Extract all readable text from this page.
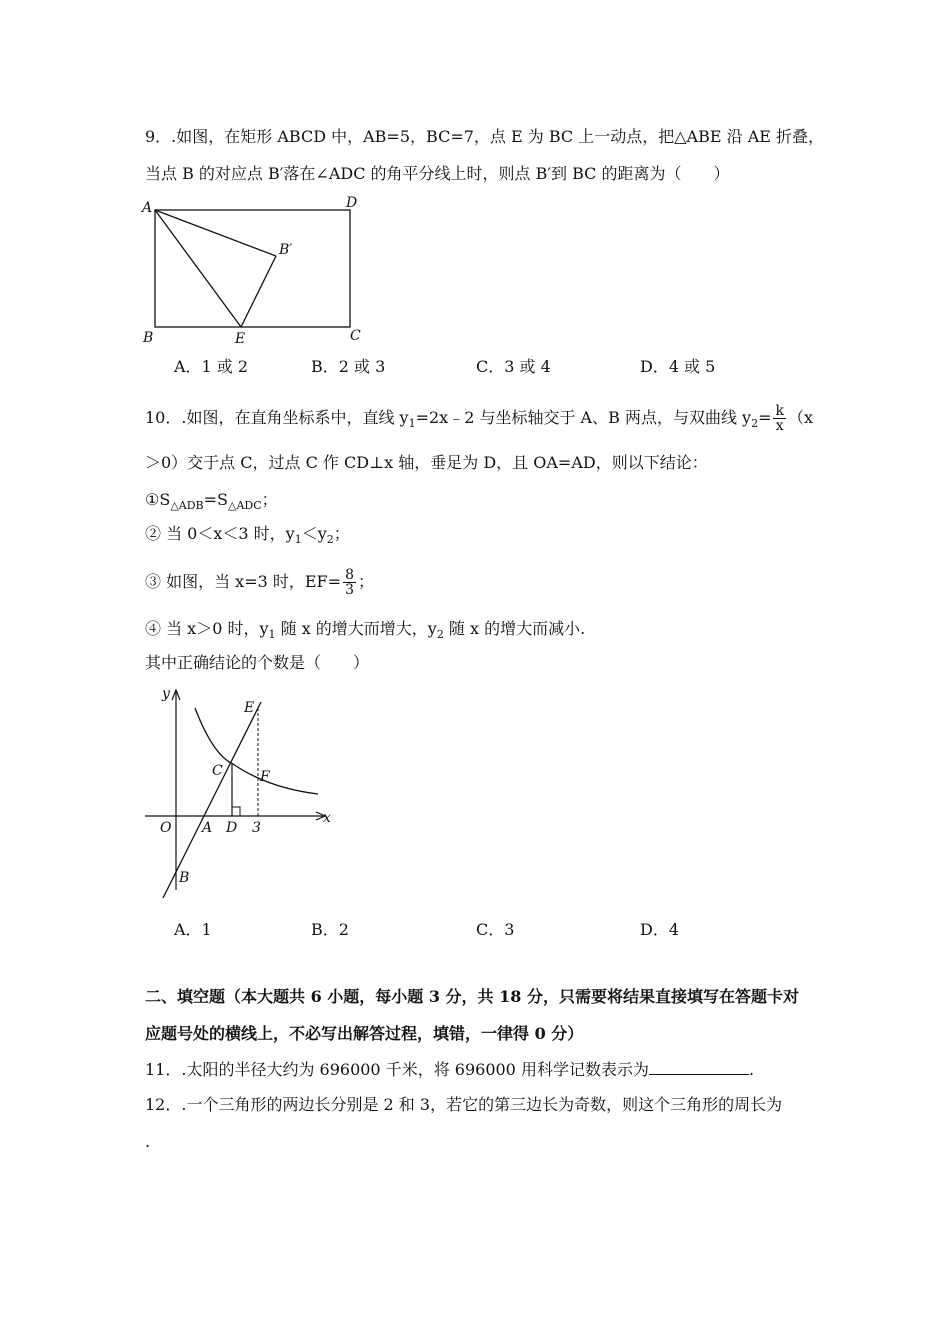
9．.如图，在矩形 ABCD 中，AB=5，BC=7，点 E 为 BC 上一动点，把△ABE 沿 AE 折叠，
当点 B 的对应点 B′落在∠ADC 的角平分线上时，则点 B′到 BC 的距离为（　　）
A	D
B′
B	E	C
A．1 或 2	B．2 或 3	C．3 或 4	D．4 或 5
10．.如图，在直角坐标系中，直线 $y_1=2x﹣2$ 与坐标轴交于 A、B 两点，与双曲线 $y_2= \frac{k}{x} (x$
＞0）交于点 C，过点 C 作 CD⊥x 轴，垂足为 D，且 OA=AD，则以下结论：
$①S_{\triangle ADB}=S_{\triangle ADC}$；
② 当 0＜x＜3 时，$y_1<y_2$；
③ 如图，当 x=3 时，$EF= \frac{8}{3}$ ；
④ 当 x＞0 时，$y_1$ 随 x 的增大而增大，$y_2$ 随 x 的增大而减小.
其中正确结论的个数是（　　）
y
x
E
C	F
O A D 3
B
A．1	B．2	C．3	D．4
二、填空题（本大题共 6 小题，每小题 3 分，共 18 分，只需要将结果直接填写在答题卡对
应题号处的横线上，不必写出解答过程，填错，一律得 0 分）
11．.太阳的半径大约为 696000 千米，将 696000 用科学记数表示为	.
12．.一个三角形的两边长分别是 2 和 3，若它的第三边长为奇数，则这个三角形的周长为
.
